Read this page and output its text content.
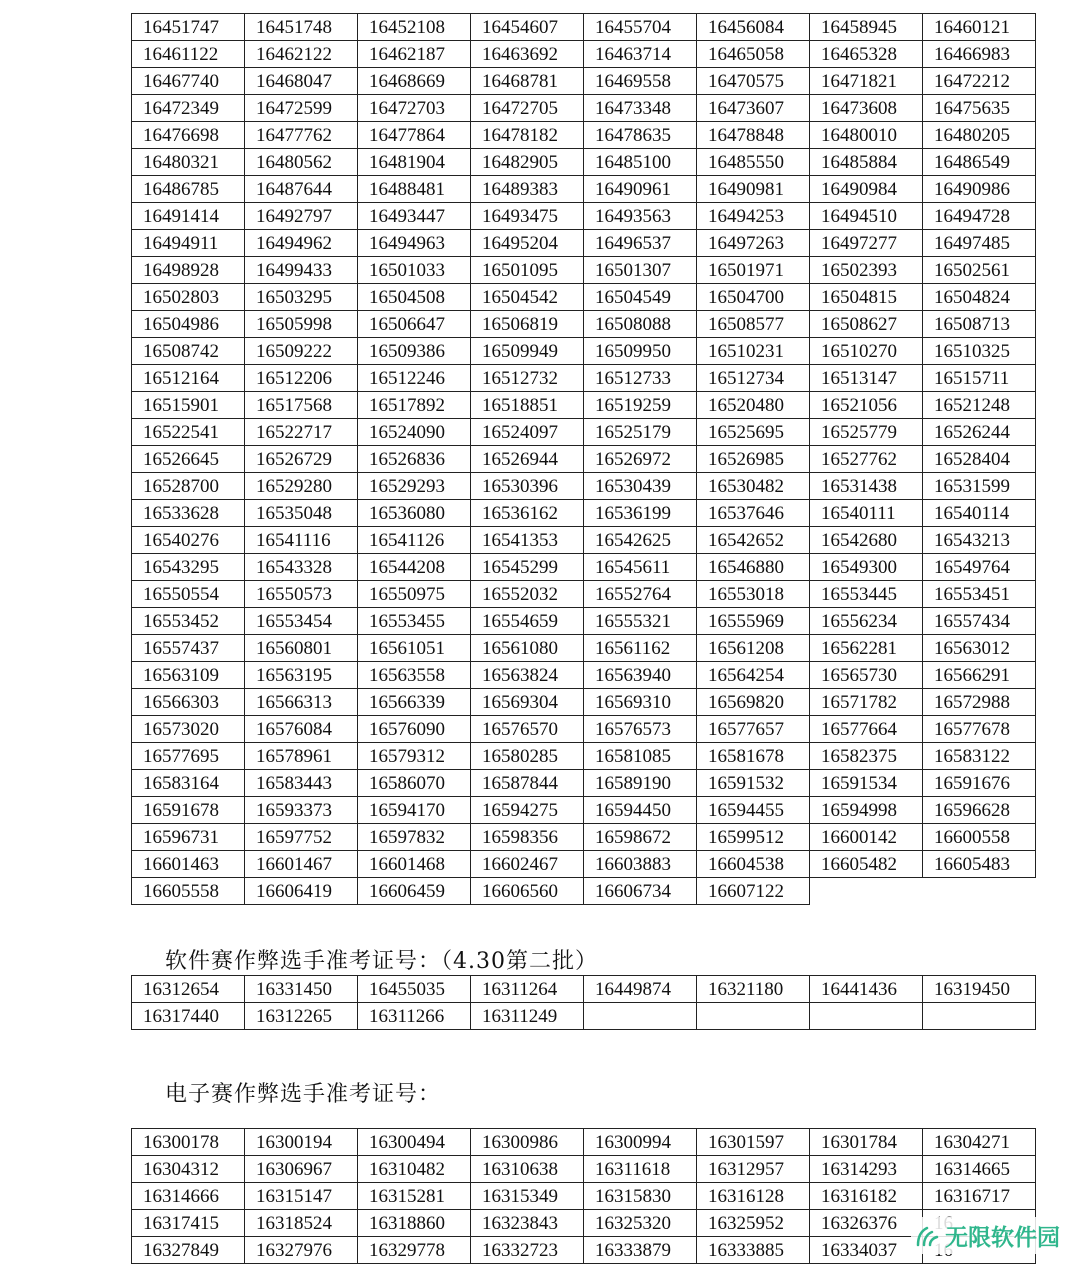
16451747	16451748	16452108	16454607	16455704	16456084	16458945	16460121
16461122	16462122	16462187	16463692	16463714	16465058	16465328	16466983
16467740	16468047	16468669	16468781	16469558	16470575	16471821	16472212
16472349	16472599	16472703	16472705	16473348	16473607	16473608	16475635
16476698	16477762	16477864	16478182	16478635	16478848	16480010	16480205
16480321	16480562	16481904	16482905	16485100	16485550	16485884	16486549
16486785	16487644	16488481	16489383	16490961	16490981	16490984	16490986
16491414	16492797	16493447	16493475	16493563	16494253	16494510	16494728
16494911	16494962	16494963	16495204	16496537	16497263	16497277	16497485
16498928	16499433	16501033	16501095	16501307	16501971	16502393	16502561
16502803	16503295	16504508	16504542	16504549	16504700	16504815	16504824
16504986	16505998	16506647	16506819	16508088	16508577	16508627	16508713
16508742	16509222	16509386	16509949	16509950	16510231	16510270	16510325
16512164	16512206	16512246	16512732	16512733	16512734	16513147	16515711
16515901	16517568	16517892	16518851	16519259	16520480	16521056	16521248
16522541	16522717	16524090	16524097	16525179	16525695	16525779	16526244
16526645	16526729	16526836	16526944	16526972	16526985	16527762	16528404
16528700	16529280	16529293	16530396	16530439	16530482	16531438	16531599
16533628	16535048	16536080	16536162	16536199	16537646	16540111	16540114
16540276	16541116	16541126	16541353	16542625	16542652	16542680	16543213
16543295	16543328	16544208	16545299	16545611	16546880	16549300	16549764
16550554	16550573	16550975	16552032	16552764	16553018	16553445	16553451
16553452	16553454	16553455	16554659	16555321	16555969	16556234	16557434
16557437	16560801	16561051	16561080	16561162	16561208	16562281	16563012
16563109	16563195	16563558	16563824	16563940	16564254	16565730	16566291
16566303	16566313	16566339	16569304	16569310	16569820	16571782	16572988
16573020	16576084	16576090	16576570	16576573	16577657	16577664	16577678
16577695	16578961	16579312	16580285	16581085	16581678	16582375	16583122
16583164	16583443	16586070	16587844	16589190	16591532	16591534	16591676
16591678	16593373	16594170	16594275	16594450	16594455	16594998	16596628
16596731	16597752	16597832	16598356	16598672	16599512	16600142	16600558
16601463	16601467	16601468	16602467	16603883	16604538	16605482	16605483
16605558	16606419	16606459	16606560	16606734	16607122		
软件赛作弊选手准考证号：（4.30第二批）
16312654	16331450	16455035	16311264	16449874	16321180	16441436	16319450
16317440	16312265	16311266	16311249				
电子赛作弊选手准考证号：
16300178	16300194	16300494	16300986	16300994	16301597	16301784	16304271
16304312	16306967	16310482	16310638	16311618	16312957	16314293	16314665
16314666	16315147	16315281	16315349	16315830	16316128	16316182	16316717
16317415	16318524	16318860	16323843	16325320	16325952	16326376	
16327849	16327976	16329778	16332723	16333879	16333885	16334037	无限软件园
